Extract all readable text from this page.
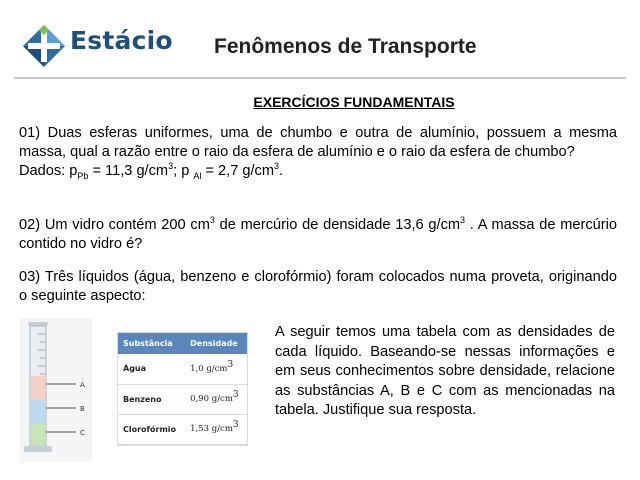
Estácio Fenômenos de Transporte
EXERCÍCIOS FUNDAMENTAIS
01) Duas esferas uniformes, uma de chumbo e outra de alumínio, possuem a mesma massa, qual a razão entre o raio da esfera de alumínio e o raio da esfera de chumbo?
Dados: $p_{Pb} = 11,3$ $g/cm^3$; p $_{Al}$ = 2,7 $g/cm^3$.
02) Um vidro contém 200 $cm^3$ de mercúrio de densidade 13,6 $g/cm^3$ . A massa de mercúrio contido no vidro é?
03) Três líquidos (água, benzeno e clorofórmio) foram colocados numa proveta, originando o seguinte aspecto:
A
B
C
Substância	Densidade
Água	1,0 $g/cm^3$
Benzeno	0,90 $g/cm^3$
Clorofórmio	1,53 $g/cm^3$
A seguir temos uma tabela com as densidades de cada líquido. Baseando-se nessas informações e em seus conhecimentos sobre densidade, relacione as substâncias A, B e C com as mencionadas na tabela. Justifique sua resposta.
